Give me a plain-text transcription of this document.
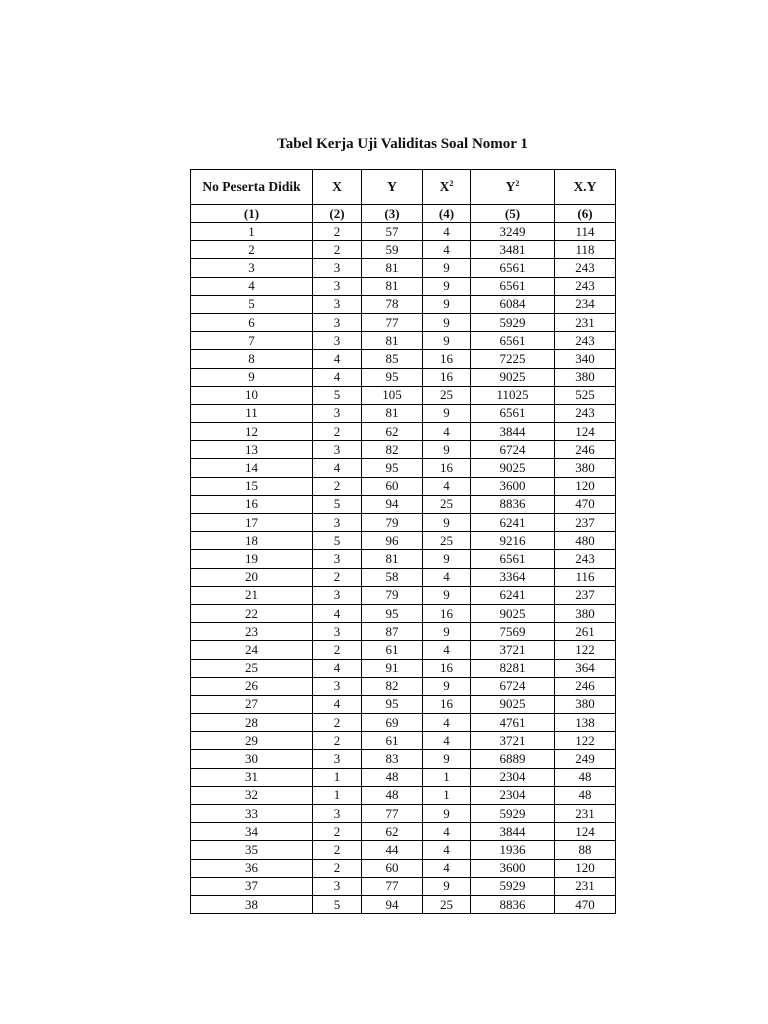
Tabel Kerja Uji Validitas Soal Nomor 1
No Peserta Didik	X	Y	$X^2$	$Y^2$	X.Y
(1)	(2)	(3)	(4)	(5)	(6)
1	2	57	4	3249	114
2	2	59	4	3481	118
3	3	81	9	6561	243
4	3	81	9	6561	243
5	3	78	9	6084	234
6	3	77	9	5929	231
7	3	81	9	6561	243
8	4	85	16	7225	340
9	4	95	16	9025	380
10	5	105	25	11025	525
11	3	81	9	6561	243
12	2	62	4	3844	124
13	3	82	9	6724	246
14	4	95	16	9025	380
15	2	60	4	3600	120
16	5	94	25	8836	470
17	3	79	9	6241	237
18	5	96	25	9216	480
19	3	81	9	6561	243
20	2	58	4	3364	116
21	3	79	9	6241	237
22	4	95	16	9025	380
23	3	87	9	7569	261
24	2	61	4	3721	122
25	4	91	16	8281	364
26	3	82	9	6724	246
27	4	95	16	9025	380
28	2	69	4	4761	138
29	2	61	4	3721	122
30	3	83	9	6889	249
31	1	48	1	2304	48
32	1	48	1	2304	48
33	3	77	9	5929	231
34	2	62	4	3844	124
35	2	44	4	1936	88
36	2	60	4	3600	120
37	3	77	9	5929	231
38	5	94	25	8836	470
